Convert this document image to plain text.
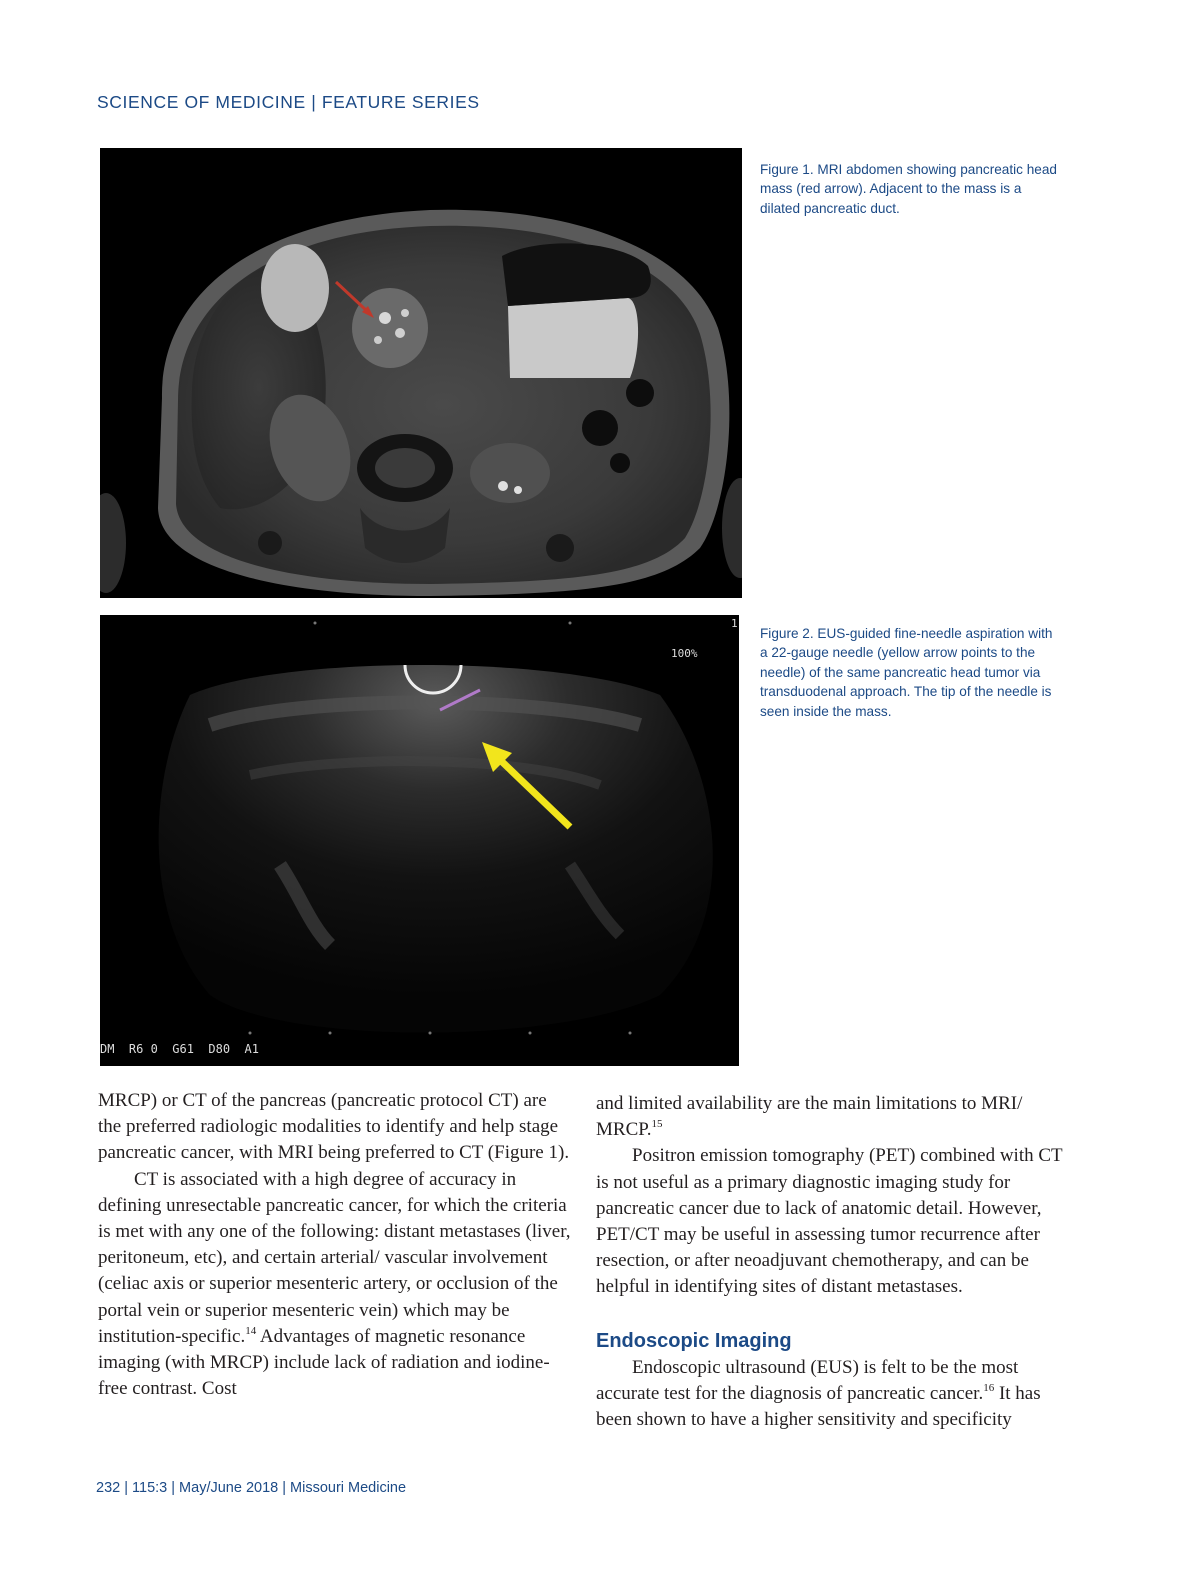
SCIENCE OF MEDICINE | FEATURE SERIES
Figure 1. MRI abdomen showing pancreatic head mass (red arrow). Adjacent to the mass is a dilated pancreatic duct.
100%
1
DM  R6 0  G61  D80  A1
Figure 2. EUS-guided fine-needle aspiration with a 22-gauge needle (yellow arrow points to the needle) of the same pancreatic head tumor via transduodenal approach. The tip of the needle is seen inside the mass.

MRCP) or CT of the pancreas (pancreatic protocol CT) are the preferred radiologic modalities to identify and help stage pancreatic cancer, with MRI being preferred to CT (Figure 1).

CT is associated with a high degree of accuracy in defining unresectable pancreatic cancer, for which the criteria is met with any one of the following: distant metastases (liver, peritoneum, etc), and certain arterial/ vascular involvement (celiac axis or superior mesenteric artery, or occlusion of the portal vein or superior mesenteric vein) which may be institution-specific.$^{14}$ Advantages of magnetic resonance imaging (with MRCP) include lack of radiation and iodine-free contrast. Cost

and limited availability are the main limitations to MRI/ MRCP.$^{15}$

Positron emission tomography (PET) combined with CT is not useful as a primary diagnostic imaging study for pancreatic cancer due to lack of anatomic detail. However, PET/CT may be useful in assessing tumor recurrence after resection, or after neoadjuvant chemotherapy, and can be helpful in identifying sites of distant metastases.

Endoscopic Imaging

Endoscopic ultrasound (EUS) is felt to be the most accurate test for the diagnosis of pancreatic cancer.$^{16}$ It has been shown to have a higher sensitivity and specificity

232 | 115:3 | May/June 2018 | Missouri Medicine
